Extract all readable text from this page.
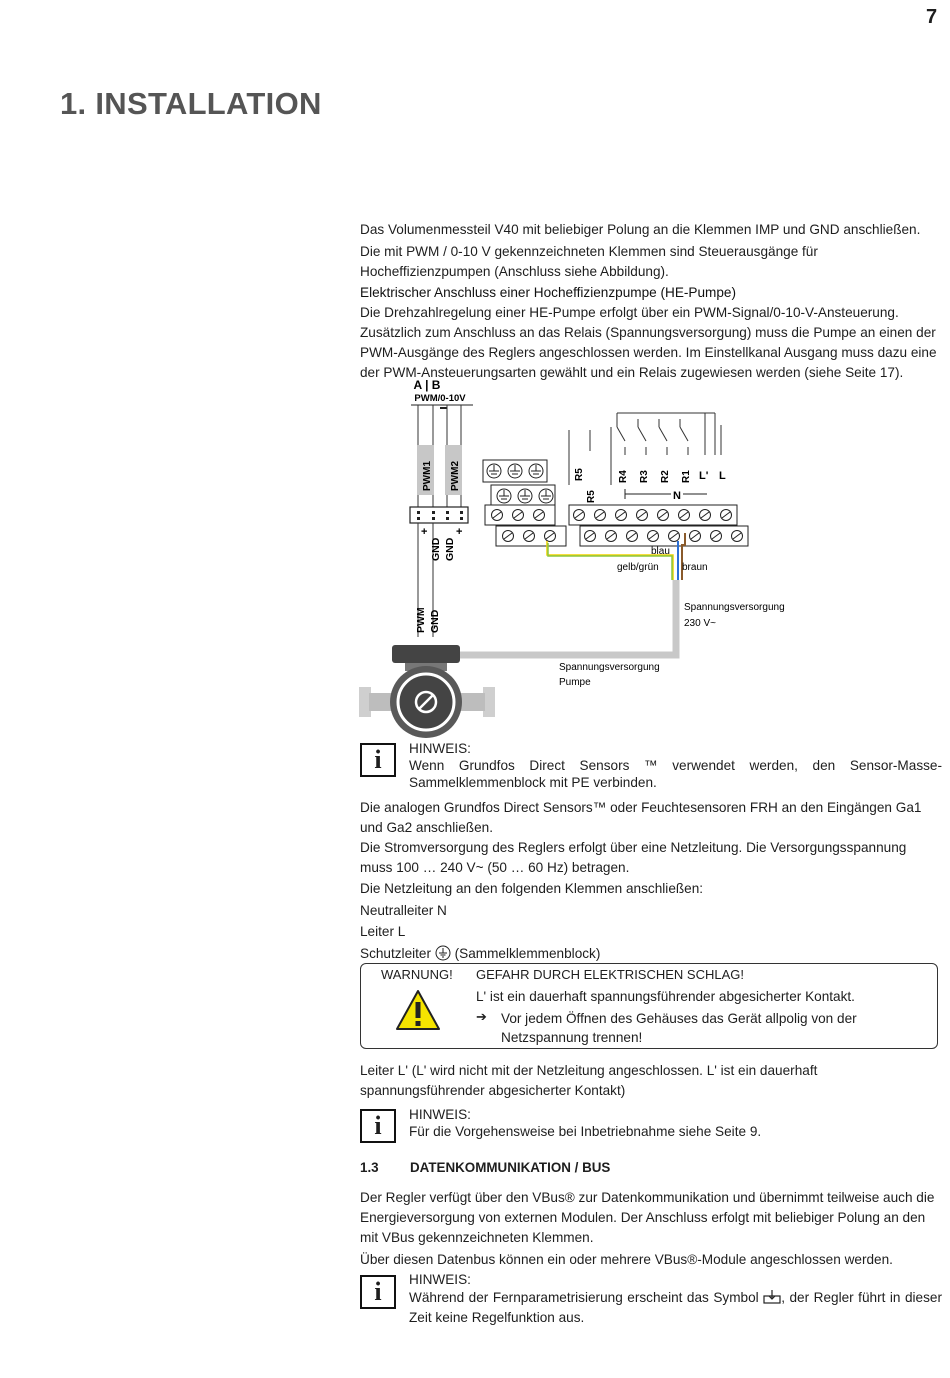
7
1. INSTALLATION

Das Volumenmessteil V40 mit beliebiger Polung an die Klemmen IMP und GND anschließen.

Die mit PWM / 0-10 V gekennzeichneten Klemmen sind Steuerausgänge für Hocheffizienzpumpen (Anschluss siehe Abbildung).

Elektrischer Anschluss einer Hocheffizienzpumpe (HE-Pumpe)

Die Drehzahlregelung einer HE-Pumpe erfolgt über ein PWM-Signal/0-10-V-Ansteuerung. Zusätzlich zum Anschluss an das Relais (Spannungsversorgung) muss die Pumpe an einen der PWM-Ausgänge des Reglers angeschlossen werden. Im Einstellkanal Ausgang muss dazu eine der PWM-Ansteuerungsarten gewählt und ein Relais zugewiesen werden (siehe Seite 17).

A | B
PWM/0-10V
PWM1 PWM2
+	+
GND GND
PWM GND
R5
R5
R4 R3 R2 R1 L' L
N
blau
gelb/grün braun
Spannungsversorgung
230 V~
Spannungsversorgung
Pumpe
i	HINWEIS:
Wenn Grundfos Direct Sensors ™ verwendet werden, den Sensor-Masse-Sammelklemmenblock mit PE verbinden.

Die analogen Grundfos Direct Sensors™ oder Feuchtesensoren FRH an den Eingängen Ga1 und Ga2 anschließen.

Die Stromversorgung des Reglers erfolgt über eine Netzleitung. Die Versorgungsspannung muss 100 … 240 V~ (50 … 60 Hz) betragen.

Die Netzleitung an den folgenden Klemmen anschließen:

Neutralleiter N

Leiter L

Schutzleiter (Sammelklemmenblock)
WARNUNG! GEFAHR DURCH ELEKTRISCHEN SCHLAG!
L' ist ein dauerhaft spannungsführender abgesicherter Kontakt.
➔ Vor jedem Öffnen des Gehäuses das Gerät allpolig von der Netzspannung trennen!

Leiter L' (L' wird nicht mit der Netzleitung angeschlossen. L' ist ein dauerhaft spannungsführender abgesicherter Kontakt)

i	HINWEIS:
Für die Vorgehensweise bei Inbetriebnahme siehe Seite 9.
1.3 DATENKOMMUNIKATION / BUS

Der Regler verfügt über den VBus® zur Datenkommunikation und übernimmt teilweise auch die Energieversorgung von externen Modulen. Der Anschluss erfolgt mit beliebiger Polung an den mit VBus gekennzeichneten Klemmen.

Über diesen Datenbus können ein oder mehrere VBus®-Module angeschlossen werden.

i	HINWEIS:
Während der Fernparametrisierung erscheint das Symbol , der Regler führt in dieser Zeit keine Regelfunktion aus.
